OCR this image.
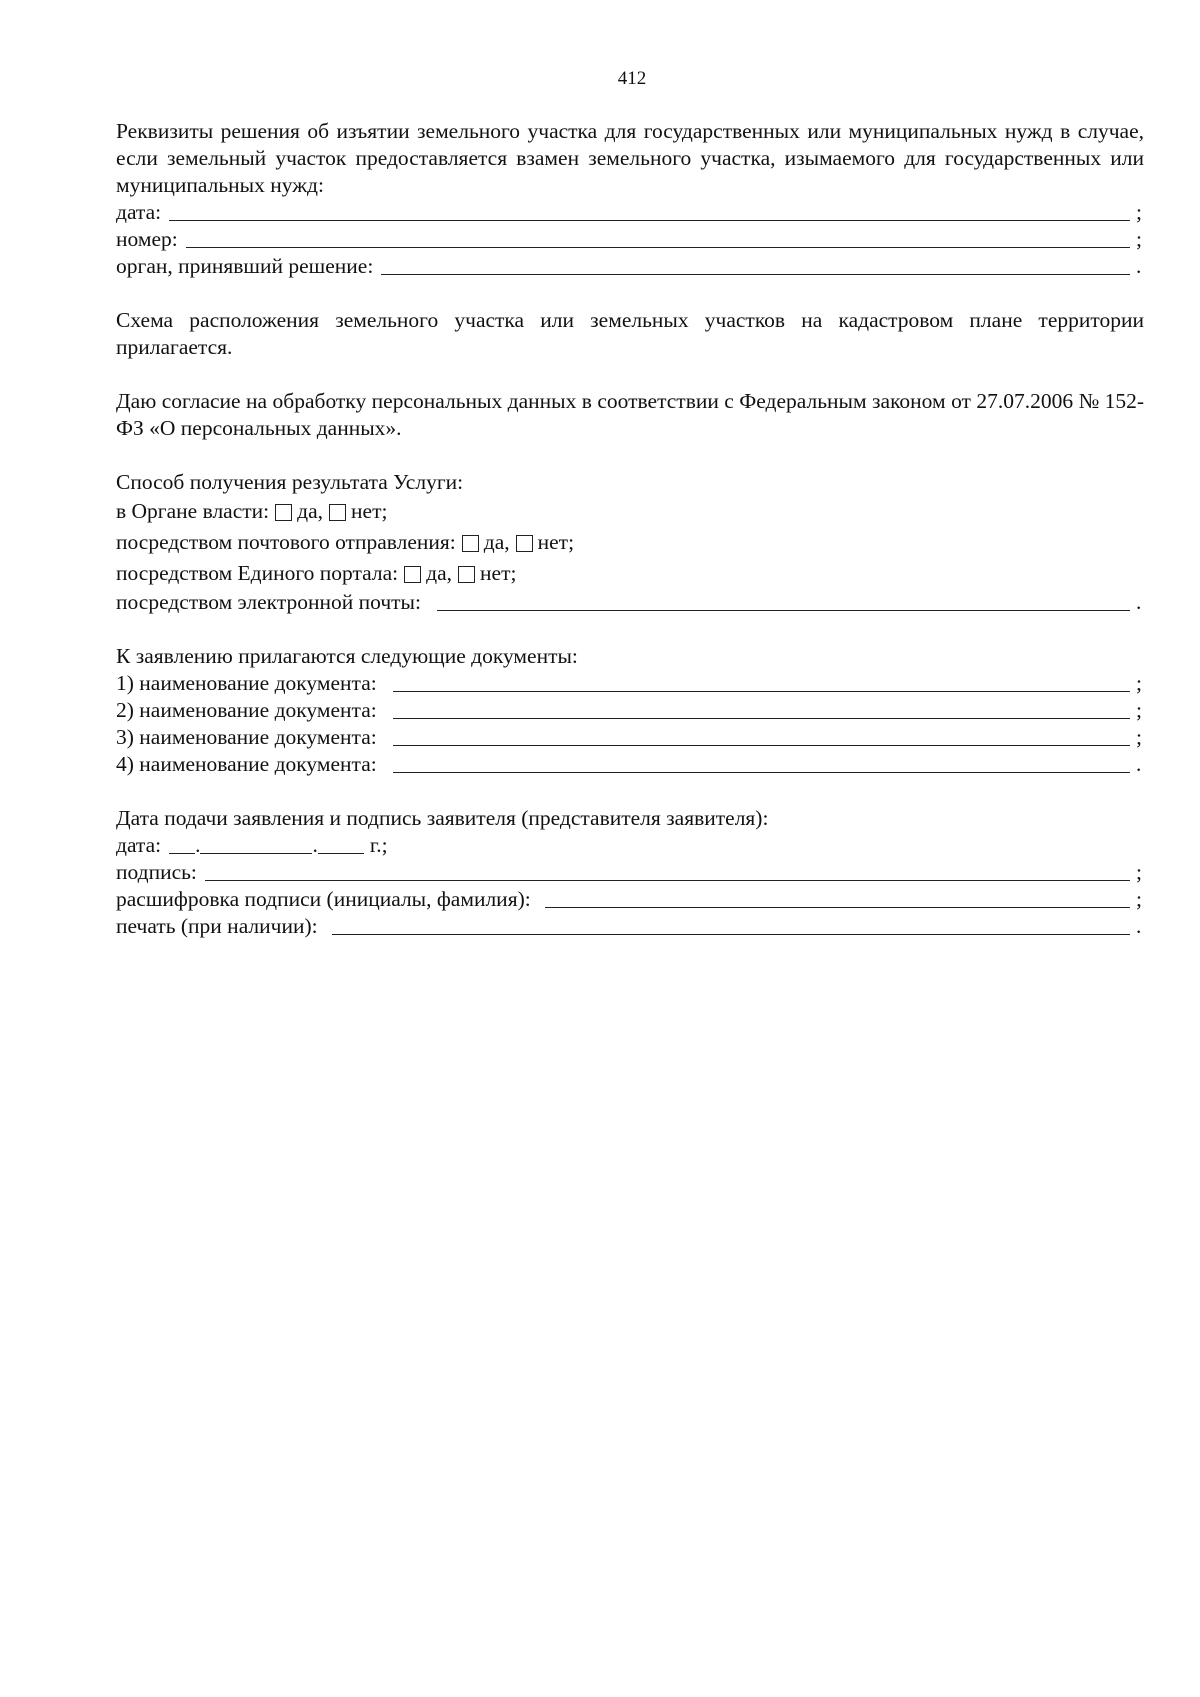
412

Реквизиты решения об изъятии земельного участка для государственных или муниципальных нужд в случае, если земельный участок предоставляется взамен земельного участка, изымаемого для государственных или муниципальных нужд:

дата:	;
номер:	;
орган, принявший решение:	.

Схема расположения земельного участка или земельных участков на кадастровом плане территории прилагается.

Даю согласие на обработку персональных данных в соответствии с Федеральным законом от 27.07.2006 № 152-ФЗ «О персональных данных».

Способ получения результата Услуги:

в Органе власти: да, нет;
посредством почтового отправления: да, нет;
посредством Единого портала: да, нет;
посредством электронной почты:	.

К заявлению прилагаются следующие документы:

1) наименование документа:	;
2) наименование документа:	;
3) наименование документа:	;
4) наименование документа:	.

Дата подачи заявления и подпись заявителя (представителя заявителя):

дата: .	. г.;
подпись:	;
расшифровка подписи (инициалы, фамилия):	;
печать (при наличии):	.
